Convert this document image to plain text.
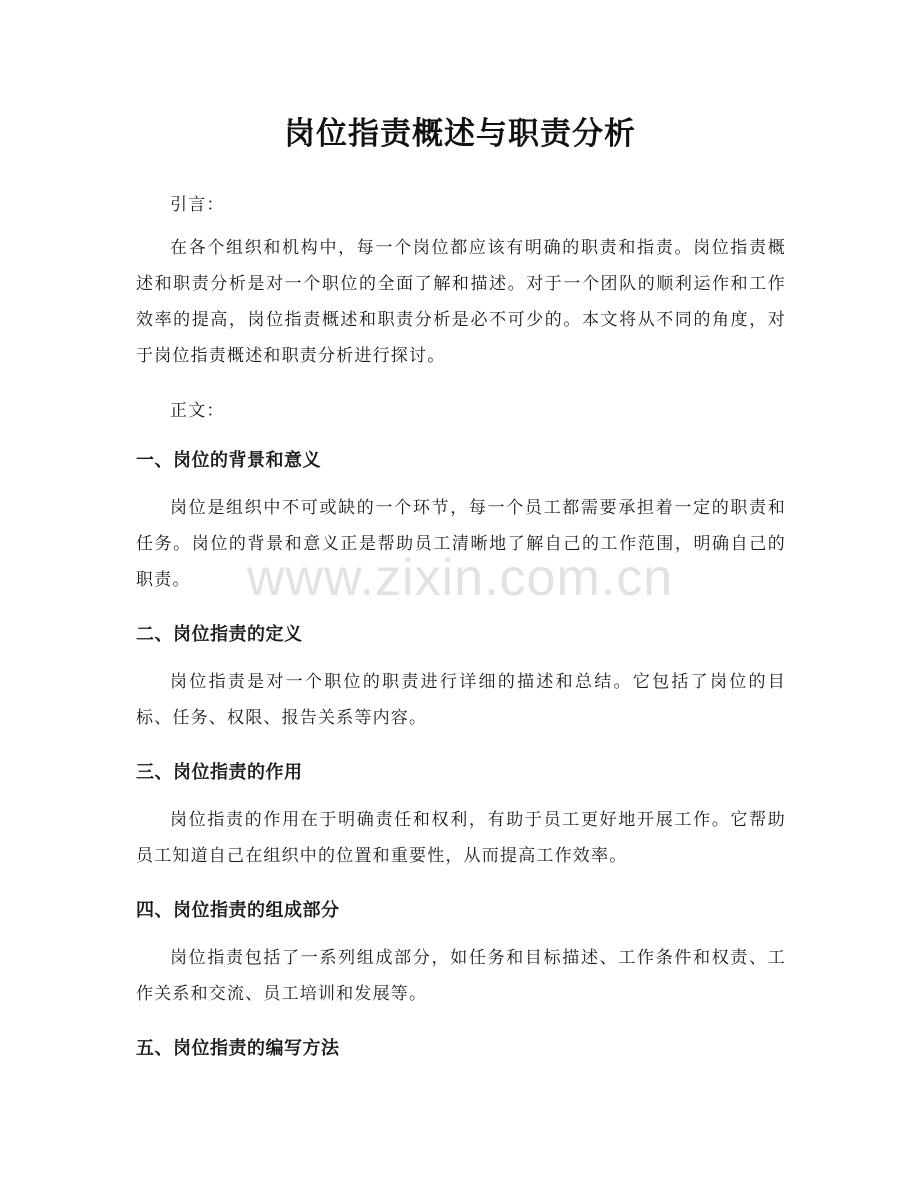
岗位指责概述与职责分析
引言：
在各个组织和机构中，每一个岗位都应该有明确的职责和指责。岗位指责概述和职责分析是对一个职位的全面了解和描述。对于一个团队的顺利运作和工作效率的提高，岗位指责概述和职责分析是必不可少的。本文将从不同的角度，对于岗位指责概述和职责分析进行探讨。
正文：
一、岗位的背景和意义
岗位是组织中不可或缺的一个环节，每一个员工都需要承担着一定的职责和任务。岗位的背景和意义正是帮助员工清晰地了解自己的工作范围，明确自己的职责。
二、岗位指责的定义
岗位指责是对一个职位的职责进行详细的描述和总结。它包括了岗位的目标、任务、权限、报告关系等内容。
三、岗位指责的作用
岗位指责的作用在于明确责任和权利，有助于员工更好地开展工作。它帮助员工知道自己在组织中的位置和重要性，从而提高工作效率。
四、岗位指责的组成部分
岗位指责包括了一系列组成部分，如任务和目标描述、工作条件和权责、工作关系和交流、员工培训和发展等。
五、岗位指责的编写方法
www.zixin.com.cn
